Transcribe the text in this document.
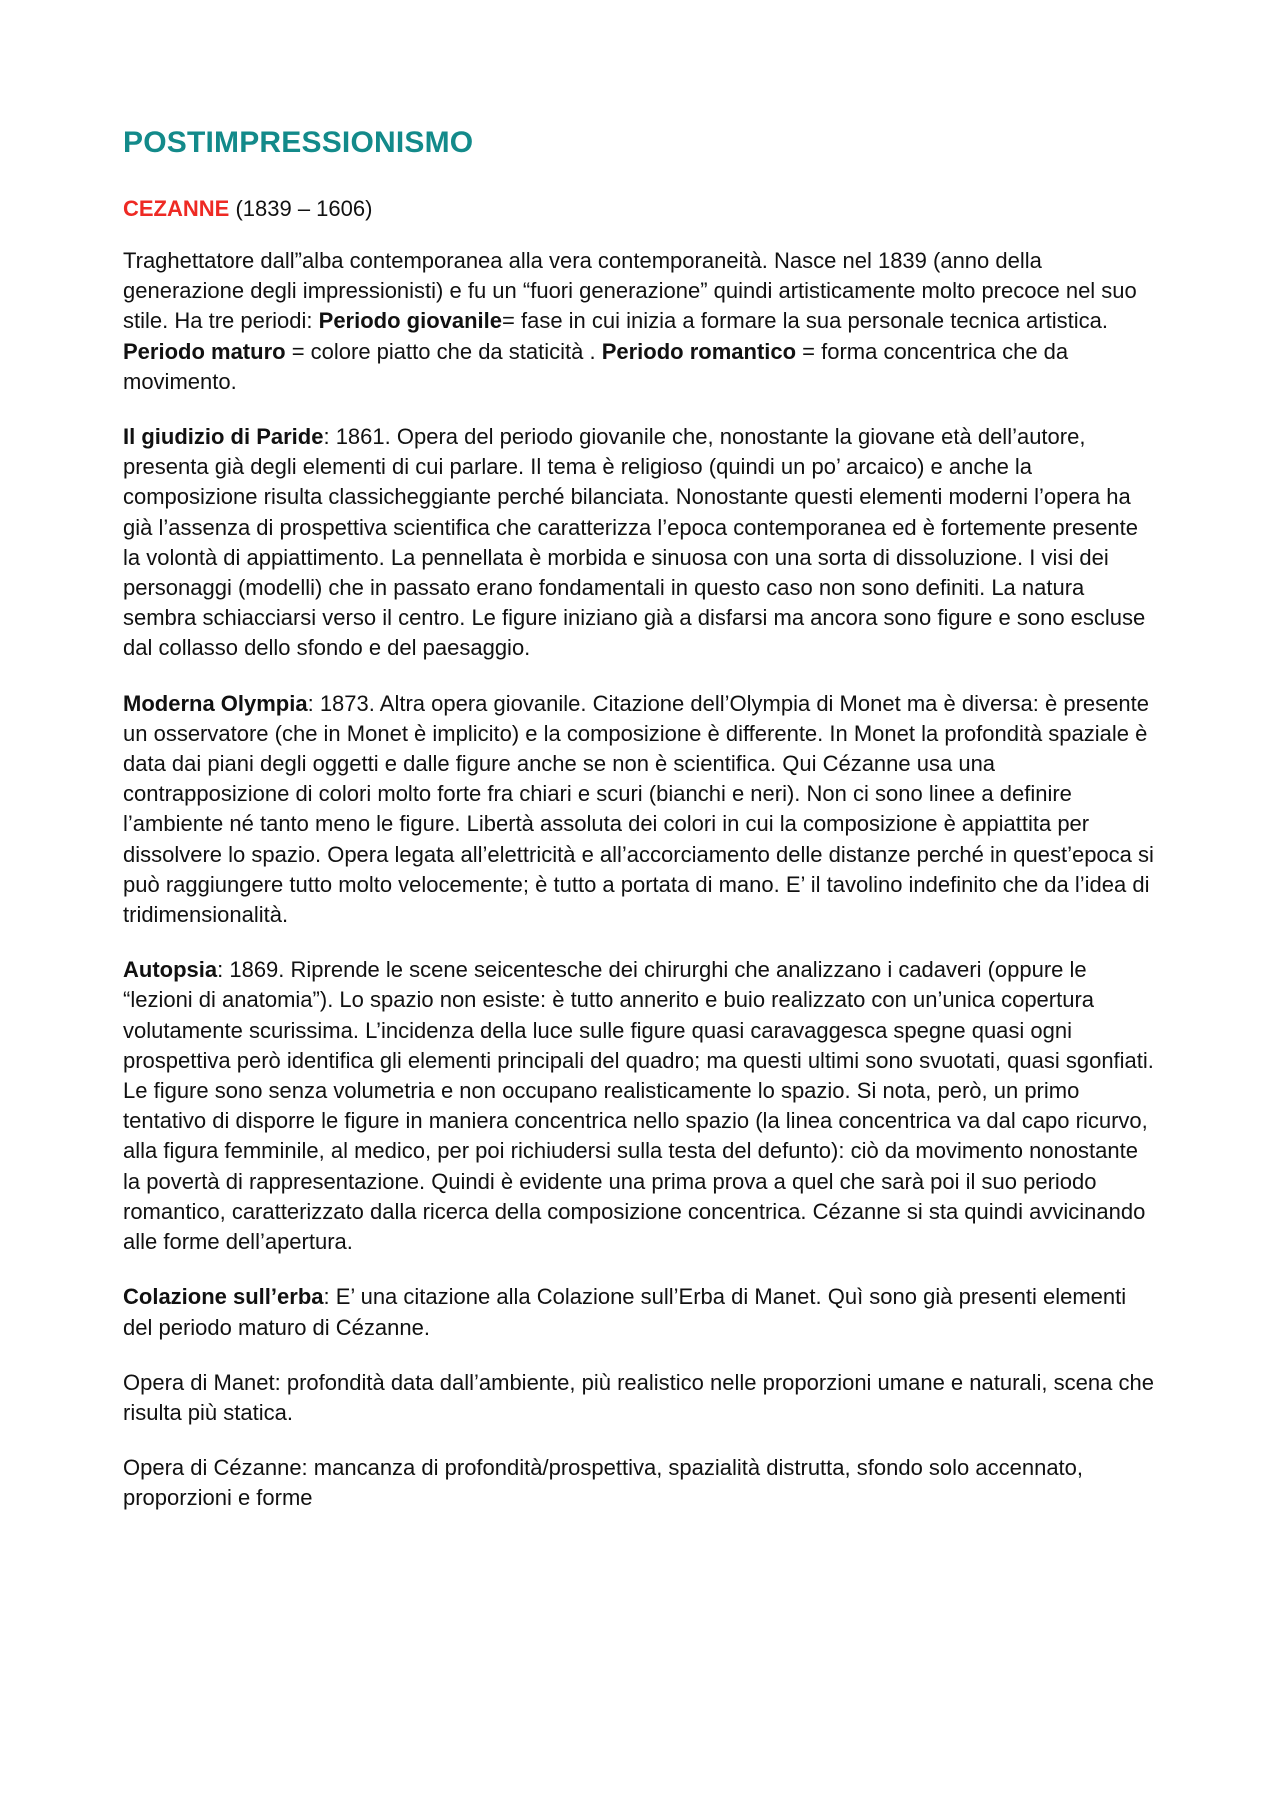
POSTIMPRESSIONISMO
CEZANNE (1839 – 1606)

Traghettatore dall”alba contemporanea alla vera contemporaneità. Nasce nel 1839 (anno della generazione degli impressionisti) e fu un “fuori generazione” quindi artisticamente molto precoce nel suo stile. Ha tre periodi: Periodo giovanile= fase in cui inizia a formare la sua personale tecnica artistica. Periodo maturo = colore piatto che da staticità . Periodo romantico = forma concentrica che da movimento.

Il giudizio di Paride: 1861. Opera del periodo giovanile che, nonostante la giovane età dell’autore, presenta già degli elementi di cui parlare. Il tema è religioso (quindi un po’ arcaico) e anche la composizione risulta classicheggiante perché bilanciata. Nonostante questi elementi moderni l’opera ha già l’assenza di prospettiva scientifica che caratterizza l’epoca contemporanea ed è fortemente presente la volontà di appiattimento. La pennellata è morbida e sinuosa con una sorta di dissoluzione. I visi dei personaggi (modelli) che in passato erano fondamentali in questo caso non sono definiti. La natura sembra schiacciarsi verso il centro. Le figure iniziano già a disfarsi ma ancora sono figure e sono escluse dal collasso dello sfondo e del paesaggio.

Moderna Olympia: 1873. Altra opera giovanile. Citazione dell’Olympia di Monet ma è diversa: è presente un osservatore (che in Monet è implicito) e la composizione è differente. In Monet la profondità spaziale è data dai piani degli oggetti e dalle figure anche se non è scientifica. Qui Cézanne usa una contrapposizione di colori molto forte fra chiari e scuri (bianchi e neri). Non ci sono linee a definire l’ambiente né tanto meno le figure. Libertà assoluta dei colori in cui la composizione è appiattita per dissolvere lo spazio. Opera legata all’elettricità e all’accorciamento delle distanze perché in quest’epoca si può raggiungere tutto molto velocemente; è tutto a portata di mano. E’ il tavolino indefinito che da l’idea di tridimensionalità.

Autopsia: 1869. Riprende le scene seicentesche dei chirurghi che analizzano i cadaveri (oppure le “lezioni di anatomia”). Lo spazio non esiste: è tutto annerito e buio realizzato con un’unica copertura volutamente scurissima. L’incidenza della luce sulle figure quasi caravaggesca spegne quasi ogni prospettiva però identifica gli elementi principali del quadro; ma questi ultimi sono svuotati, quasi sgonfiati. Le figure sono senza volumetria e non occupano realisticamente lo spazio. Si nota, però, un primo tentativo di disporre le figure in maniera concentrica nello spazio (la linea concentrica va dal capo ricurvo, alla figura femminile, al medico, per poi richiudersi sulla testa del defunto): ciò da movimento nonostante la povertà di rappresentazione. Quindi è evidente una prima prova a quel che sarà poi il suo periodo romantico, caratterizzato dalla ricerca della composizione concentrica. Cézanne si sta quindi avvicinando alle forme dell’apertura.

Colazione sull’erba: E’ una citazione alla Colazione sull’Erba di Manet. Quì sono già presenti elementi del periodo maturo di Cézanne.

Opera di Manet: profondità data dall’ambiente, più realistico nelle proporzioni umane e naturali, scena che risulta più statica.

Opera di Cézanne: mancanza di profondità/prospettiva, spazialità distrutta, sfondo solo accennato, proporzioni e forme
